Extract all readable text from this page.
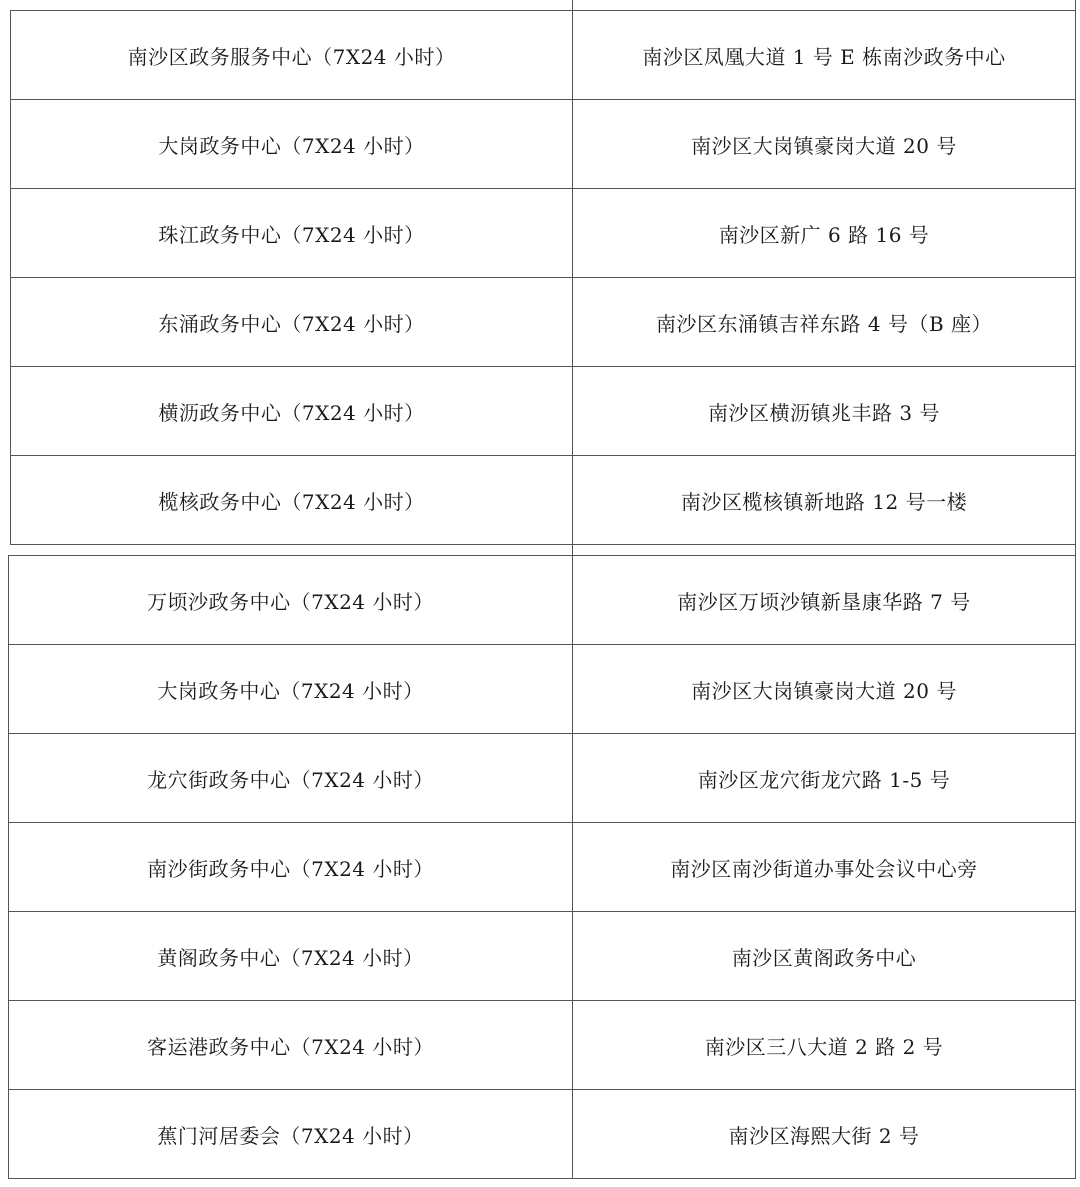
南沙区政务服务中心（7X24 小时）	南沙区凤凰大道 1 号 E 栋南沙政务中心
大岗政务中心（7X24 小时）	南沙区大岗镇豪岗大道 20 号
珠江政务中心（7X24 小时）	南沙区新广 6 路 16 号
东涌政务中心（7X24 小时）	南沙区东涌镇吉祥东路 4 号（B 座）
横沥政务中心（7X24 小时）	南沙区横沥镇兆丰路 3 号
榄核政务中心（7X24 小时）	南沙区榄核镇新地路 12 号一楼
万顷沙政务中心（7X24 小时）	南沙区万顷沙镇新垦康华路 7 号
大岗政务中心（7X24 小时）	南沙区大岗镇豪岗大道 20 号
龙穴街政务中心（7X24 小时）	南沙区龙穴街龙穴路 1-5 号
南沙街政务中心（7X24 小时）	南沙区南沙街道办事处会议中心旁
黄阁政务中心（7X24 小时）	南沙区黄阁政务中心
客运港政务中心（7X24 小时）	南沙区三八大道 2 路 2 号
蕉门河居委会（7X24 小时）	南沙区海熙大街 2 号
